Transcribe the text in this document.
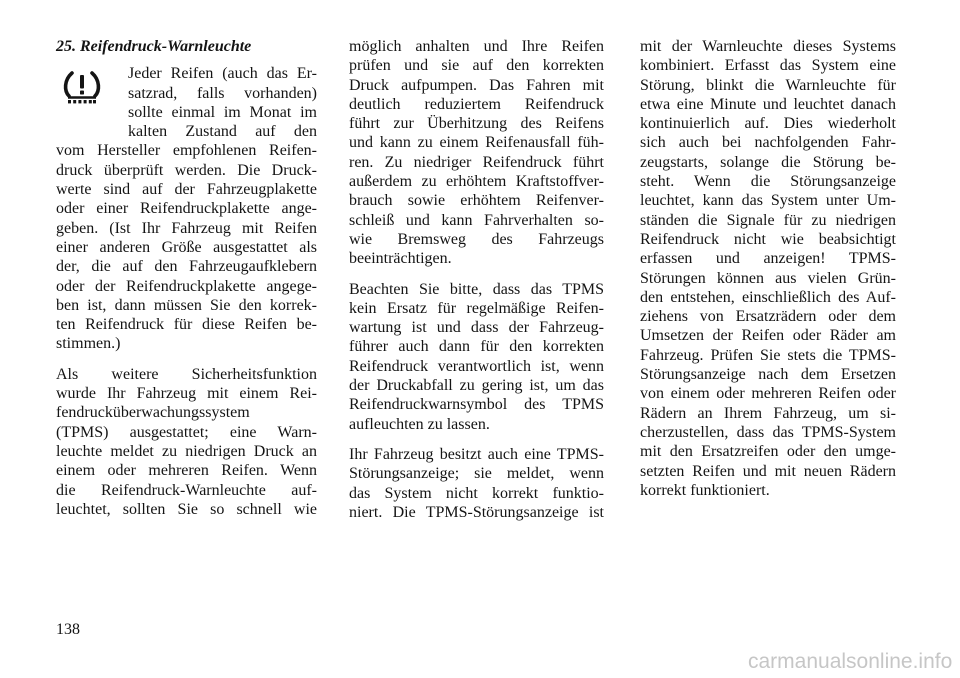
25. Reifendruck-Warnleuchte
Jeder Reifen (auch das Er-
satzrad, falls vorhanden)
sollte einmal im Monat im
kalten Zustand auf den
vom Hersteller empfohlenen Reifen-
druck überprüft werden. Die Druck-
werte sind auf der Fahrzeugplakette
oder einer Reifendruckplakette ange-
geben. (Ist Ihr Fahrzeug mit Reifen
einer anderen Größe ausgestattet als
der, die auf den Fahrzeugaufklebern
oder der Reifendruckplakette angege-
ben ist, dann müssen Sie den korrek-
ten Reifendruck für diese Reifen be-
stimmen.)
Als weitere Sicherheitsfunktion
wurde Ihr Fahrzeug mit einem Rei-
fendrucküberwachungssystem
(TPMS) ausgestattet; eine Warn-
leuchte meldet zu niedrigen Druck an
einem oder mehreren Reifen. Wenn
die Reifendruck-Warnleuchte auf-
leuchtet, sollten Sie so schnell wie
möglich anhalten und Ihre Reifen
prüfen und sie auf den korrekten
Druck aufpumpen. Das Fahren mit
deutlich reduziertem Reifendruck
führt zur Überhitzung des Reifens
und kann zu einem Reifenausfall füh-
ren. Zu niedriger Reifendruck führt
außerdem zu erhöhtem Kraftstoffver-
brauch sowie erhöhtem Reifenver-
schleiß und kann Fahrverhalten so-
wie Bremsweg des Fahrzeugs
beeinträchtigen.
Beachten Sie bitte, dass das TPMS
kein Ersatz für regelmäßige Reifen-
wartung ist und dass der Fahrzeug-
führer auch dann für den korrekten
Reifendruck verantwortlich ist, wenn
der Druckabfall zu gering ist, um das
Reifendruckwarnsymbol des TPMS
aufleuchten zu lassen.
Ihr Fahrzeug besitzt auch eine TPMS-
Störungsanzeige; sie meldet, wenn
das System nicht korrekt funktio-
niert. Die TPMS-Störungsanzeige ist
mit der Warnleuchte dieses Systems
kombiniert. Erfasst das System eine
Störung, blinkt die Warnleuchte für
etwa eine Minute und leuchtet danach
kontinuierlich auf. Dies wiederholt
sich auch bei nachfolgenden Fahr-
zeugstarts, solange die Störung be-
steht. Wenn die Störungsanzeige
leuchtet, kann das System unter Um-
ständen die Signale für zu niedrigen
Reifendruck nicht wie beabsichtigt
erfassen und anzeigen! TPMS-
Störungen können aus vielen Grün-
den entstehen, einschließlich des Auf-
ziehens von Ersatzrädern oder dem
Umsetzen der Reifen oder Räder am
Fahrzeug. Prüfen Sie stets die TPMS-
Störungsanzeige nach dem Ersetzen
von einem oder mehreren Reifen oder
Rädern an Ihrem Fahrzeug, um si-
cherzustellen, dass das TPMS-System
mit den Ersatzreifen oder den umge-
setzten Reifen und mit neuen Rädern
korrekt funktioniert.
138
carmanualsonline.info
